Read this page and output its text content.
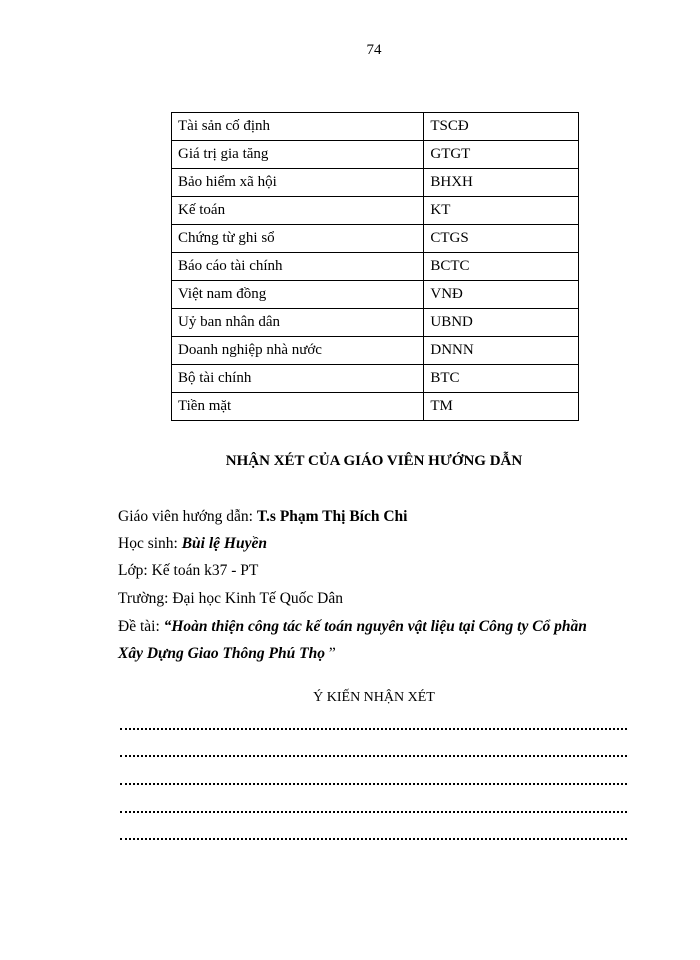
74
Tài sản cố định	TSCĐ
Giá trị gia tăng	GTGT
Bảo hiểm xã hội	BHXH
Kế toán	KT
Chứng từ ghi sổ	CTGS
Báo cáo tài chính	BCTC
Việt nam đồng	VNĐ
Uỷ ban nhân dân	UBND
Doanh nghiệp nhà nước	DNNN
Bộ tài chính	BTC
Tiền mặt	TM
NHẬN XÉT CỦA GIÁO VIÊN HƯỚNG DẪN
Giáo viên hướng dẫn: T.s Phạm Thị Bích Chi
Học sinh: Bùi lệ Huyền
Lớp: Kế toán k37 - PT
Trường: Đại học Kinh Tế Quốc Dân
Đề tài: “Hoàn thiện công tác kế toán nguyên vật liệu tại Công ty Cổ phần
Xây Dựng Giao Thông Phú Thọ ”
Ý KIẾN NHẬN XÉT
